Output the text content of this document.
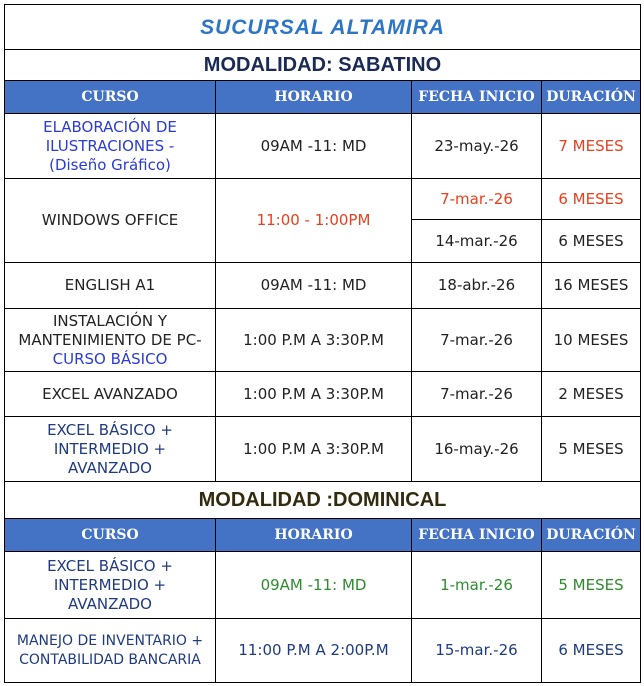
SUCURSAL ALTAMIRA			
MODALIDAD: SABATINO			
CURSO	HORARIO	FECHA INICIO	DURACIÓN

ELABORACIÓN DE
ILUSTRACIONES -
(Diseño Gráfico)	09AM -11: MD	23-may.-26	7 MESES
WINDOWS OFFICE	11:00 - 1:00PM	7-mar.-26	6 MESES
		14-mar.-26	6 MESES
ENGLISH A1	09AM -11: MD	18-abr.-26	16 MESES

INSTALACIÓN Y
MANTENIMIENTO DE PC-
CURSO BÁSICO	1:00 P.M A 3:30P.M	7-mar.-26	10 MESES
EXCEL AVANZADO	1:00 P.M A 3:30P.M	7-mar.-26	2 MESES

EXCEL BÁSICO +
INTERMEDIO +
AVANZADO	1:00 P.M A 3:30P.M	16-may.-26	5 MESES
MODALIDAD :DOMINICAL			
CURSO	HORARIO	FECHA INICIO	DURACIÓN

EXCEL BÁSICO +
INTERMEDIO +
AVANZADO	09AM -11: MD	1-mar.-26	5 MESES

MANEJO DE INVENTARIO +
CONTABILIDAD BANCARIA	11:00 P.M A 2:00P.M	15-mar.-26	6 MESES
